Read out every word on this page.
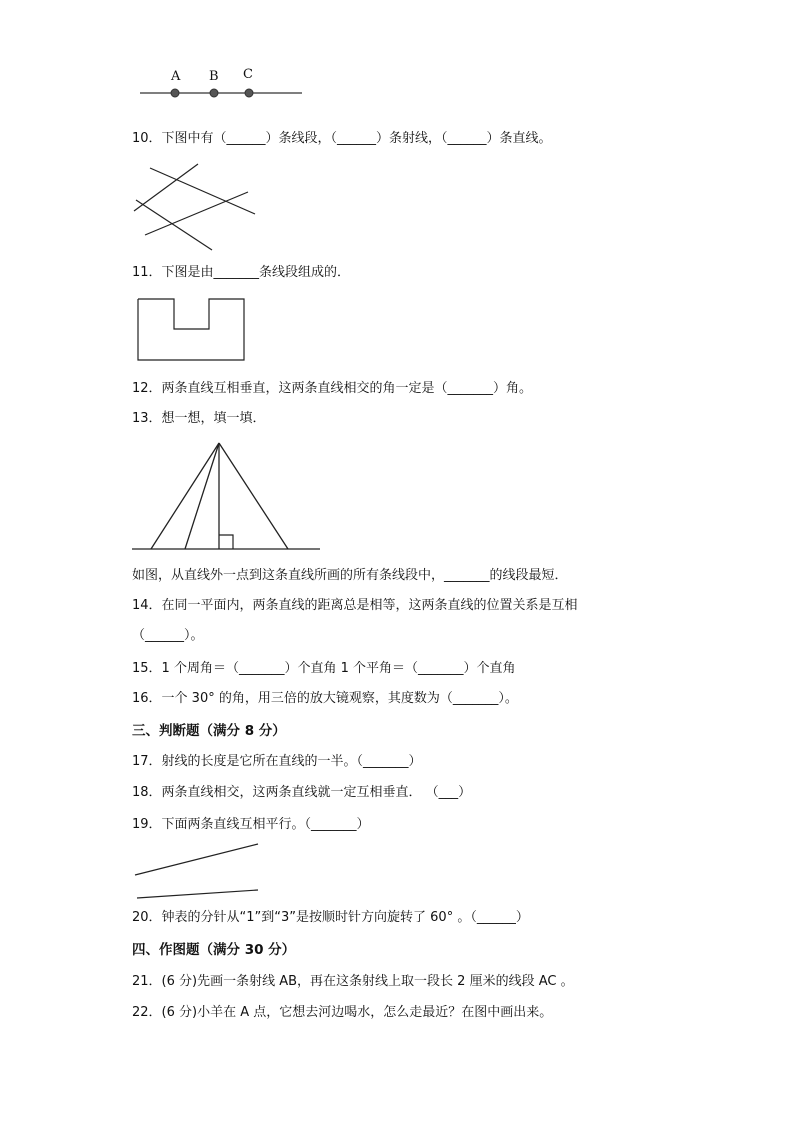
A B C
10．下图中有（______）条线段，（______）条射线，（______）条直线。
11．下图是由_______条线段组成的．
12．两条直线互相垂直，这两条直线相交的角一定是（_______）角。
13．想一想，填一填．
如图，从直线外一点到这条直线所画的所有条线段中，_______的线段最短．
14．在同一平面内，两条直线的距离总是相等，这两条直线的位置关系是互相
（______）。
15．1 个周角＝（_______）个直角 1 个平角＝（_______）个直角
16．一个 30° 的角，用三倍的放大镜观察，其度数为（_______）。
三、判断题（满分 8 分）
17．射线的长度是它所在直线的一半。（_______）
18．两条直线相交，这两条直线就一定互相垂直． （___）
19．下面两条直线互相平行。（_______）
20．钟表的分针从“1”到“3”是按顺时针方向旋转了 60° 。（______）
四、作图题（满分 30 分）
21．(6 分)先画一条射线 AB，再在这条射线上取一段长 2 厘米的线段 AC 。
22．(6 分)小羊在 A 点，它想去河边喝水，怎么走最近？在图中画出来。
